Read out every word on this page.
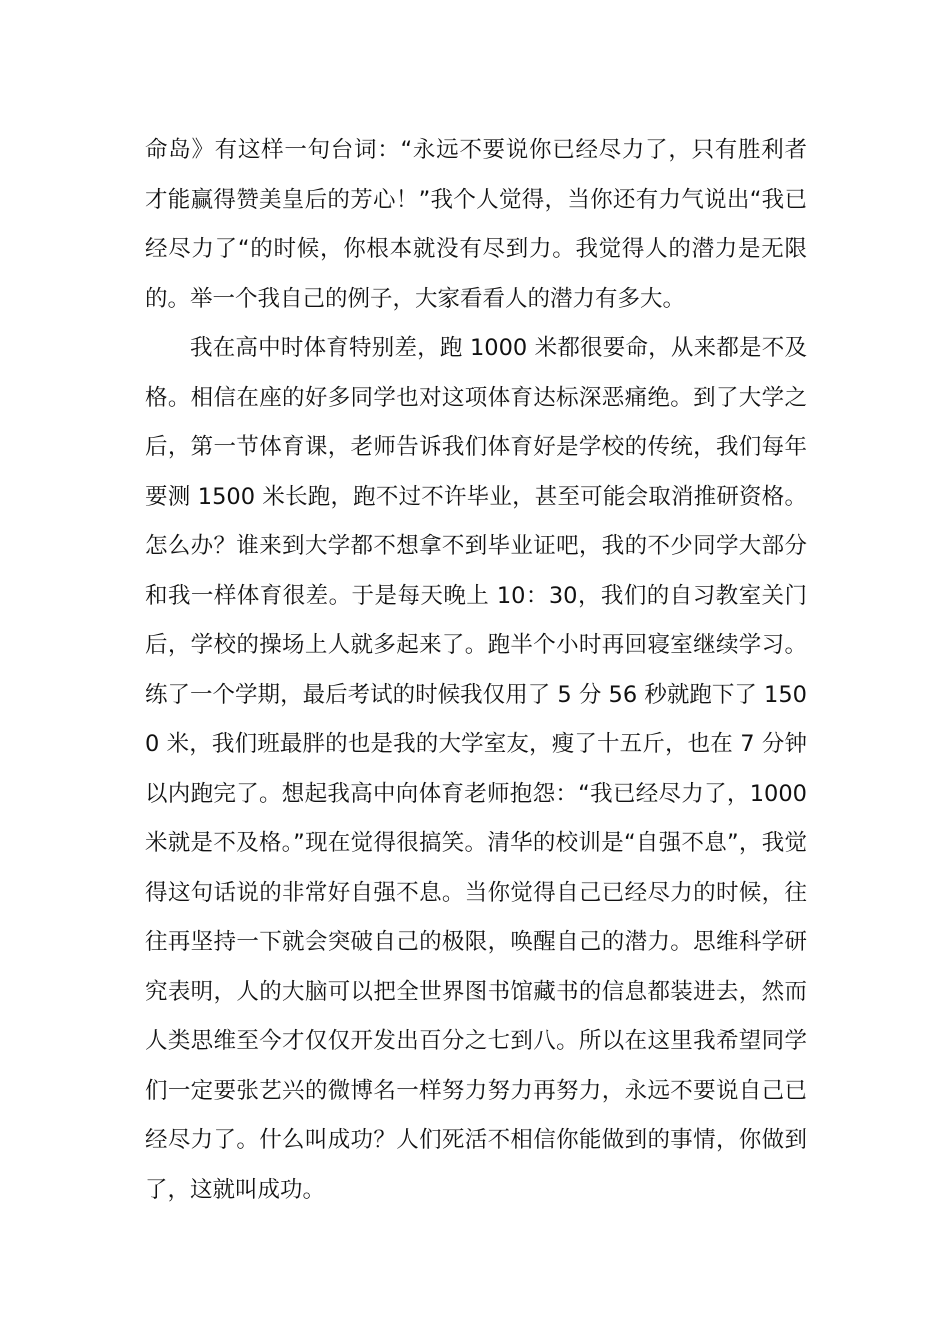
命岛》有这样一句台词：“永远不要说你已经尽力了，只有胜利者才能赢得赞美皇后的芳心！”我个人觉得，当你还有力气说出“我已经尽力了“的时候，你根本就没有尽到力。我觉得人的潜力是无限的。举一个我自己的例子，大家看看人的潜力有多大。

我在高中时体育特别差，跑 1000 米都很要命，从来都是不及格。相信在座的好多同学也对这项体育达标深恶痛绝。到了大学之后，第一节体育课，老师告诉我们体育好是学校的传统，我们每年要测 1500 米长跑，跑不过不许毕业，甚至可能会取消推研资格。怎么办？谁来到大学都不想拿不到毕业证吧，我的不少同学大部分和我一样体育很差。于是每天晚上 10：30，我们的自习教室关门后，学校的操场上人就多起来了。跑半个小时再回寝室继续学习。练了一个学期，最后考试的时候我仅用了 5 分 56 秒就跑下了 1500 米，我们班最胖的也是我的大学室友，瘦了十五斤，也在 7 分钟以内跑完了。想起我高中向体育老师抱怨：“我已经尽力了，1000 米就是不及格。”现在觉得很搞笑。清华的校训是“自强不息”，我觉得这句话说的非常好自强不息。当你觉得自己已经尽力的时候，往往再坚持一下就会突破自己的极限，唤醒自己的潜力。思维科学研究表明，人的大脑可以把全世界图书馆藏书的信息都装进去，然而人类思维至今才仅仅开发出百分之七到八。所以在这里我希望同学们一定要张艺兴的微博名一样努力努力再努力，永远不要说自己已经尽力了。什么叫成功？人们死活不相信你能做到的事情，你做到了，这就叫成功。
